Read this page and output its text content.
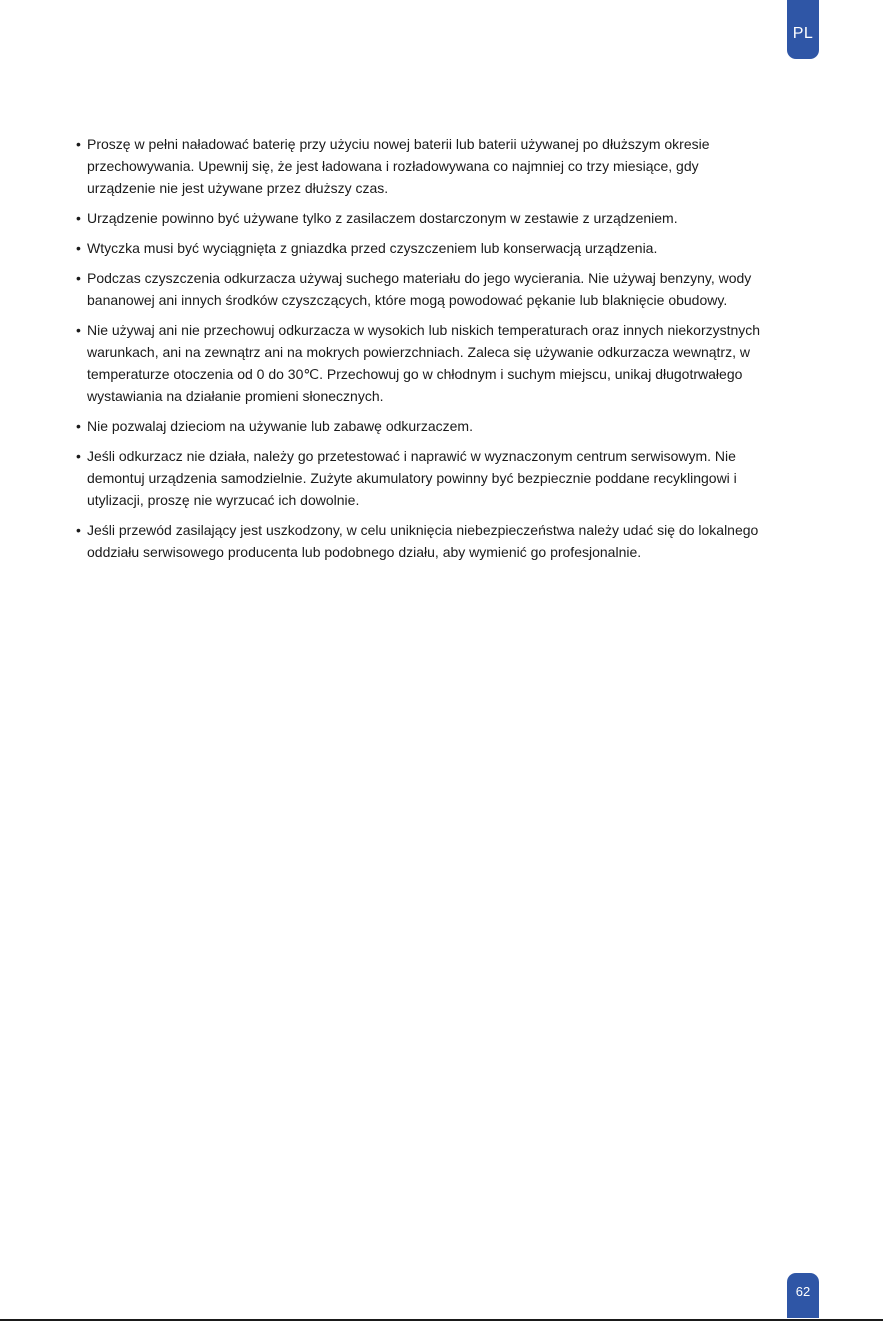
PL
• Proszę w pełni naładować baterię przy użyciu nowej baterii lub baterii używanej po dłuższym okresie
przechowywania. Upewnij się, że jest ładowana i rozładowywana co najmniej co trzy miesiące, gdy
urządzenie nie jest używane przez dłuższy czas.
• Urządzenie powinno być używane tylko z zasilaczem dostarczonym w zestawie z urządzeniem.
• Wtyczka musi być wyciągnięta z gniazdka przed czyszczeniem lub konserwacją urządzenia.
• Podczas czyszczenia odkurzacza używaj suchego materiału do jego wycierania. Nie używaj benzyny, wody
bananowej ani innych środków czyszczących, które mogą powodować pękanie lub blaknięcie obudowy.
• Nie używaj ani nie przechowuj odkurzacza w wysokich lub niskich temperaturach oraz innych niekorzystnych
warunkach, ani na zewnątrz ani na mokrych powierzchniach. Zaleca się używanie odkurzacza wewnątrz, w
temperaturze otoczenia od 0 do 30℃. Przechowuj go w chłodnym i suchym miejscu, unikaj długotrwałego
wystawiania na działanie promieni słonecznych.
• Nie pozwalaj dzieciom na używanie lub zabawę odkurzaczem.
• Jeśli odkurzacz nie działa, należy go przetestować i naprawić w wyznaczonym centrum serwisowym. Nie
demontuj urządzenia samodzielnie. Zużyte akumulatory powinny być bezpiecznie poddane recyklingowi i
utylizacji, proszę nie wyrzucać ich dowolnie.
• Jeśli przewód zasilający jest uszkodzony, w celu uniknięcia niebezpieczeństwa należy udać się do lokalnego
oddziału serwisowego producenta lub podobnego działu, aby wymienić go profesjonalnie.
62
